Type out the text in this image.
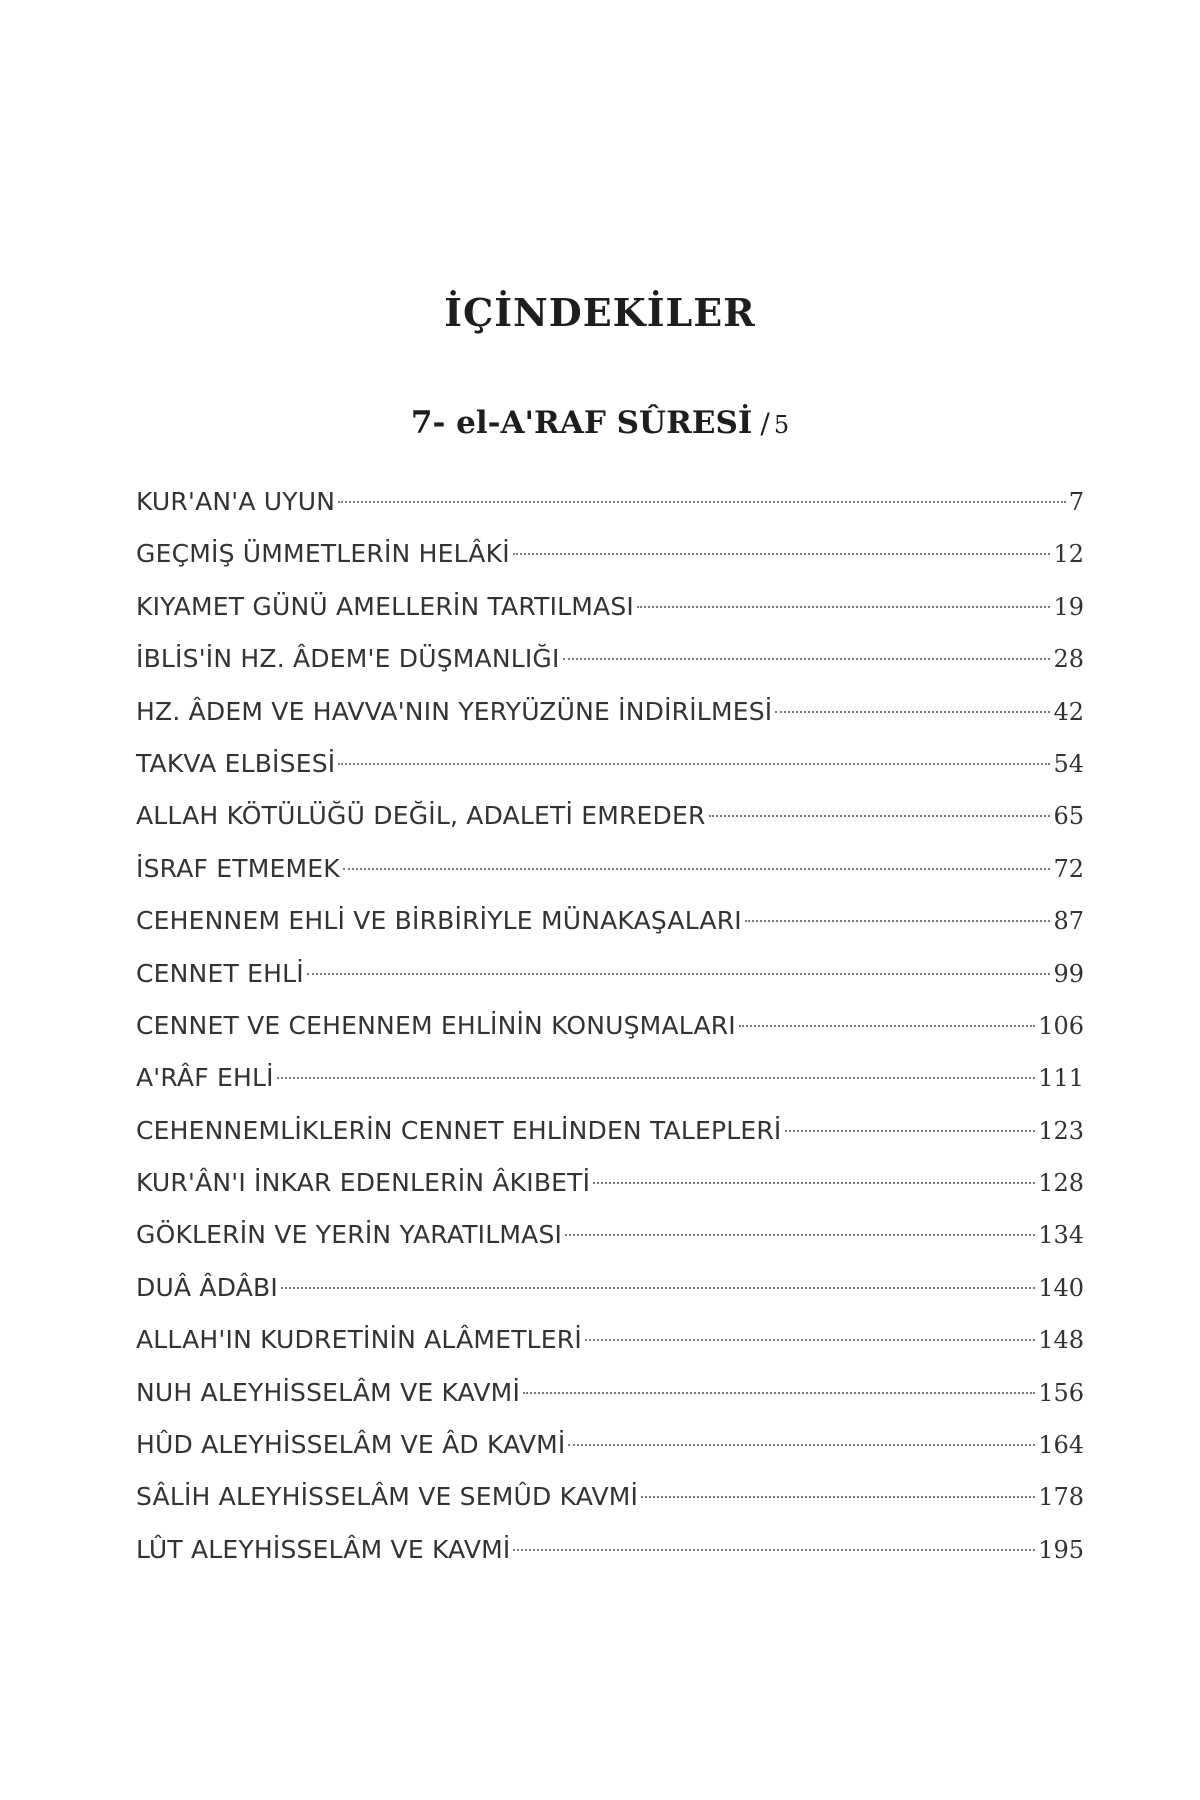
İÇİNDEKİLER
7- el-A'RAF SÛRESİ / 5
KUR'AN'A UYUN	7
GEÇMİŞ ÜMMETLERİN HELÂKİ	12
KIYAMET GÜNÜ AMELLERİN TARTILMASI	19
İBLİS'İN HZ. ÂDEM'E DÜŞMANLIĞI	28
HZ. ÂDEM VE HAVVA'NIN YERYÜZÜNE İNDİRİLMESİ	42
TAKVA ELBİSESİ	54
ALLAH KÖTÜLÜĞÜ DEĞİL, ADALETİ EMREDER	65
İSRAF ETMEMEK	72
CEHENNEM EHLİ VE BİRBİRİYLE MÜNAKAŞALARI	87
CENNET EHLİ	99
CENNET VE CEHENNEM EHLİNİN KONUŞMALARI	106
A'RÂF EHLİ	111
CEHENNEMLİKLERİN CENNET EHLİNDEN TALEPLERİ	123
KUR'ÂN'I İNKAR EDENLERİN ÂKIBETİ	128
GÖKLERİN VE YERİN YARATILMASI	134
DUÂ ÂDÂBI	140
ALLAH'IN KUDRETİNİN ALÂMETLERİ	148
NUH ALEYHİSSELÂM VE KAVMİ	156
HÛD ALEYHİSSELÂM VE ÂD KAVMİ	164
SÂLİH ALEYHİSSELÂM VE SEMÛD KAVMİ	178
LÛT ALEYHİSSELÂM VE KAVMİ	195
